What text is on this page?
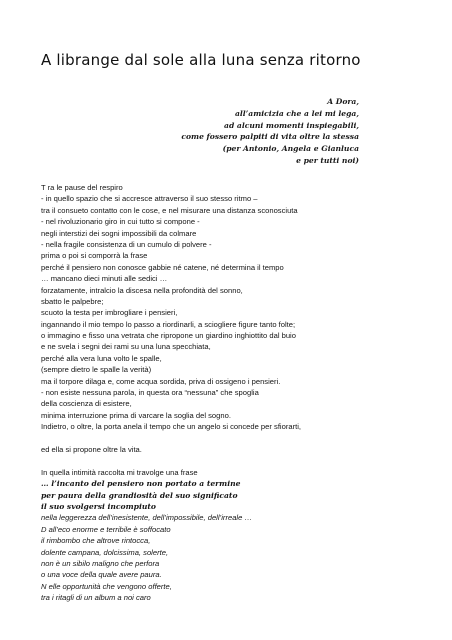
A librange dal sole alla luna senza ritorno
A Dora,
all’amicizia che a lei mi lega,
ad alcuni momenti inspiegabili,
come fossero palpiti di vita oltre la stessa
(per Antonio, Angela e Gianluca
e per tutti noi)
T ra le pause del respiro
- in quello spazio che si accresce attraverso il suo stesso ritmo –
tra il consueto contatto con le cose, e nel misurare una distanza sconosciuta
- nel rivoluzionario giro in cui tutto si compone -
negli interstizi dei sogni impossibili da colmare
- nella fragile consistenza di un cumulo di polvere -
prima o poi si comporrà la frase
perché il pensiero non conosce gabbie né catene, né determina il tempo
… mancano dieci minuti alle sedici …
forzatamente, intralcio la discesa nella profondità del sonno,
sbatto le palpebre;
scuoto la testa per imbrogliare i pensieri,
ingannando il mio tempo lo passo a riordinarli, a sciogliere figure tanto folte;
o immagino e fisso una vetrata che ripropone un giardino inghiottito dal buio
e ne svela i segni dei rami su una luna specchiata,
perché alla vera luna volto le spalle,
(sempre dietro le spalle la verità)
ma il torpore dilaga e, come acqua sordida, priva di ossigeno i pensieri.
- non esiste nessuna parola, in questa ora “nessuna” che spoglia
della coscienza di esistere,
minima interruzione prima di varcare la soglia del sogno.
Indietro, o oltre, la porta anela il tempo che un angelo si concede per sfiorarti,
ed ella si propone oltre la vita.
In quella intimità raccolta mi travolge una frase
… l’incanto del pensiero non portato a termine
per paura della grandiosità del suo significato
il suo svolgersi incompiuto
nella leggerezza dell’inesistente, dell’impossibile, dell’irreale …
D all’eco enorme e terribile è soffocato
il rimbombo che altrove rintocca,
dolente campana, dolcissima, solerte,
non è un sibilo maligno che perfora
o una voce della quale avere paura.
N elle opportunità che vengono offerte,
tra i ritagli di un album a noi caro
